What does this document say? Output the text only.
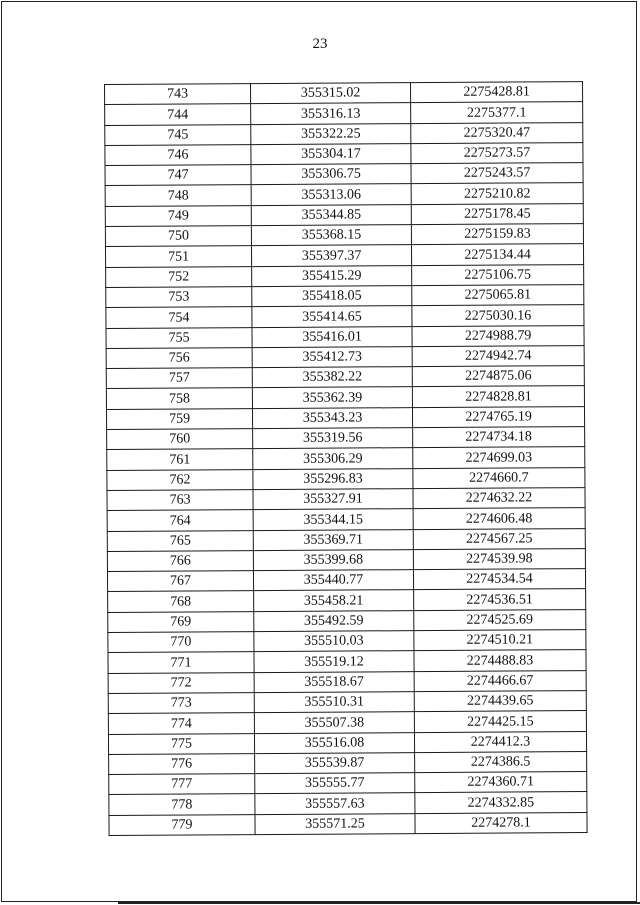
23
743	355315.02	2275428.81
744	355316.13	2275377.1
745	355322.25	2275320.47
746	355304.17	2275273.57
747	355306.75	2275243.57
748	355313.06	2275210.82
749	355344.85	2275178.45
750	355368.15	2275159.83
751	355397.37	2275134.44
752	355415.29	2275106.75
753	355418.05	2275065.81
754	355414.65	2275030.16
755	355416.01	2274988.79
756	355412.73	2274942.74
757	355382.22	2274875.06
758	355362.39	2274828.81
759	355343.23	2274765.19
760	355319.56	2274734.18
761	355306.29	2274699.03
762	355296.83	2274660.7
763	355327.91	2274632.22
764	355344.15	2274606.48
765	355369.71	2274567.25
766	355399.68	2274539.98
767	355440.77	2274534.54
768	355458.21	2274536.51
769	355492.59	2274525.69
770	355510.03	2274510.21
771	355519.12	2274488.83
772	355518.67	2274466.67
773	355510.31	2274439.65
774	355507.38	2274425.15
775	355516.08	2274412.3
776	355539.87	2274386.5
777	355555.77	2274360.71
778	355557.63	2274332.85
779	355571.25	2274278.1
